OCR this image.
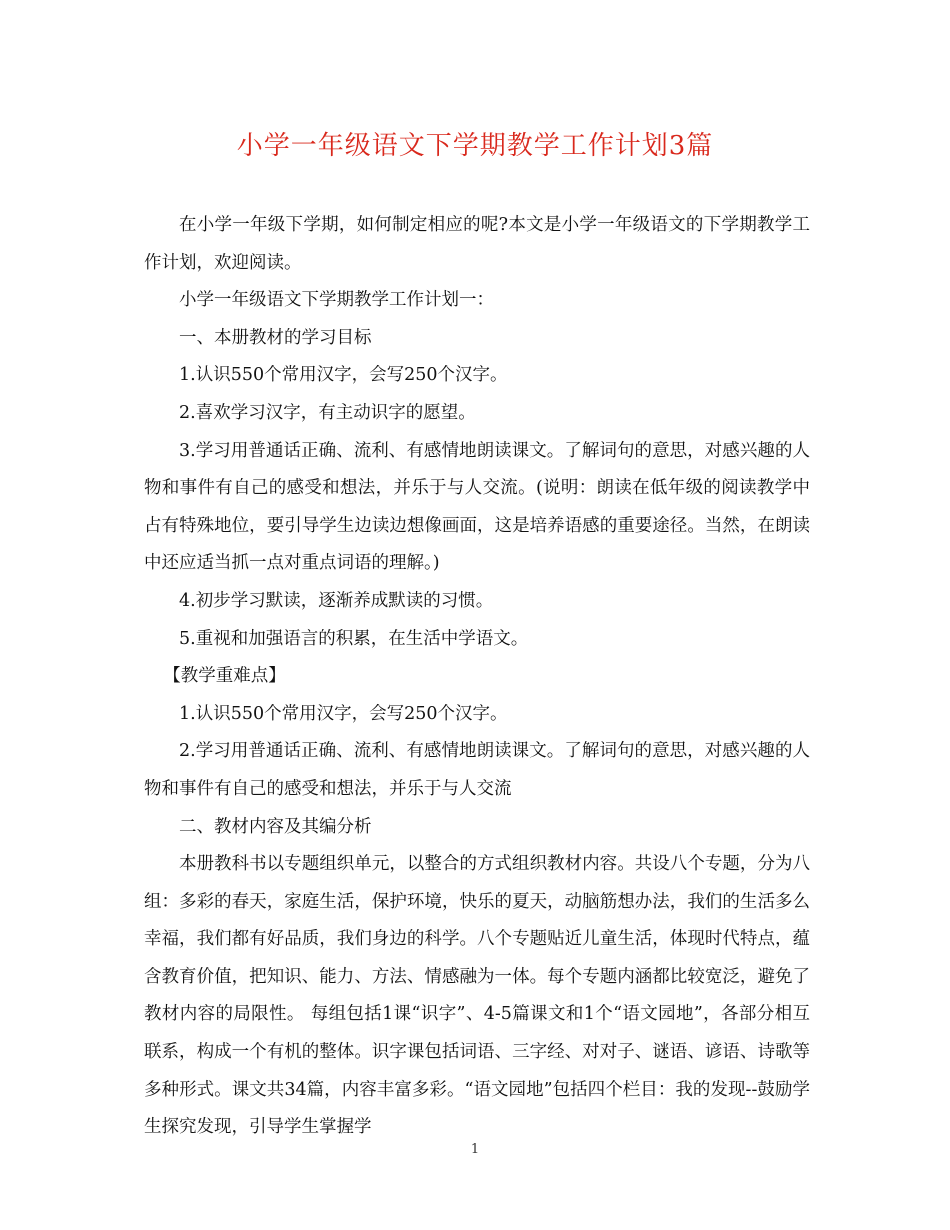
小学一年级语文下学期教学工作计划3篇

在小学一年级下学期，如何制定相应的呢?本文是小学一年级语文的下学期教学工作计划，欢迎阅读。

小学一年级语文下学期教学工作计划一：

一、本册教材的学习目标

1.认识550个常用汉字，会写250个汉字。

2.喜欢学习汉字，有主动识字的愿望。

3.学习用普通话正确、流利、有感情地朗读课文。了解词句的意思，对感兴趣的人物和事件有自己的感受和想法，并乐于与人交流。(说明：朗读在低年级的阅读教学中占有特殊地位，要引导学生边读边想像画面，这是培养语感的重要途径。当然，在朗读中还应适当抓一点对重点词语的理解。)

4.初步学习默读，逐渐养成默读的习惯。

5.重视和加强语言的积累，在生活中学语文。

【教学重难点】

1.认识550个常用汉字，会写250个汉字。

2.学习用普通话正确、流利、有感情地朗读课文。了解词句的意思，对感兴趣的人物和事件有自己的感受和想法，并乐于与人交流

二、教材内容及其编分析

本册教科书以专题组织单元，以整合的方式组织教材内容。共设八个专题，分为八组：多彩的春天，家庭生活，保护环境，快乐的夏天，动脑筋想办法，我们的生活多么幸福，我们都有好品质，我们身边的科学。八个专题贴近儿童生活，体现时代特点，蕴含教育价值，把知识、能力、方法、情感融为一体。每个专题内涵都比较宽泛，避免了教材内容的局限性。 每组包括1课“识字”、4-5篇课文和1个“语文园地”，各部分相互联系，构成一个有机的整体。识字课包括词语、三字经、对对子、谜语、谚语、诗歌等多种形式。课文共34篇，内容丰富多彩。“语文园地”包括四个栏目：我的发现--鼓励学生探究发现，引导学生掌握学

1
